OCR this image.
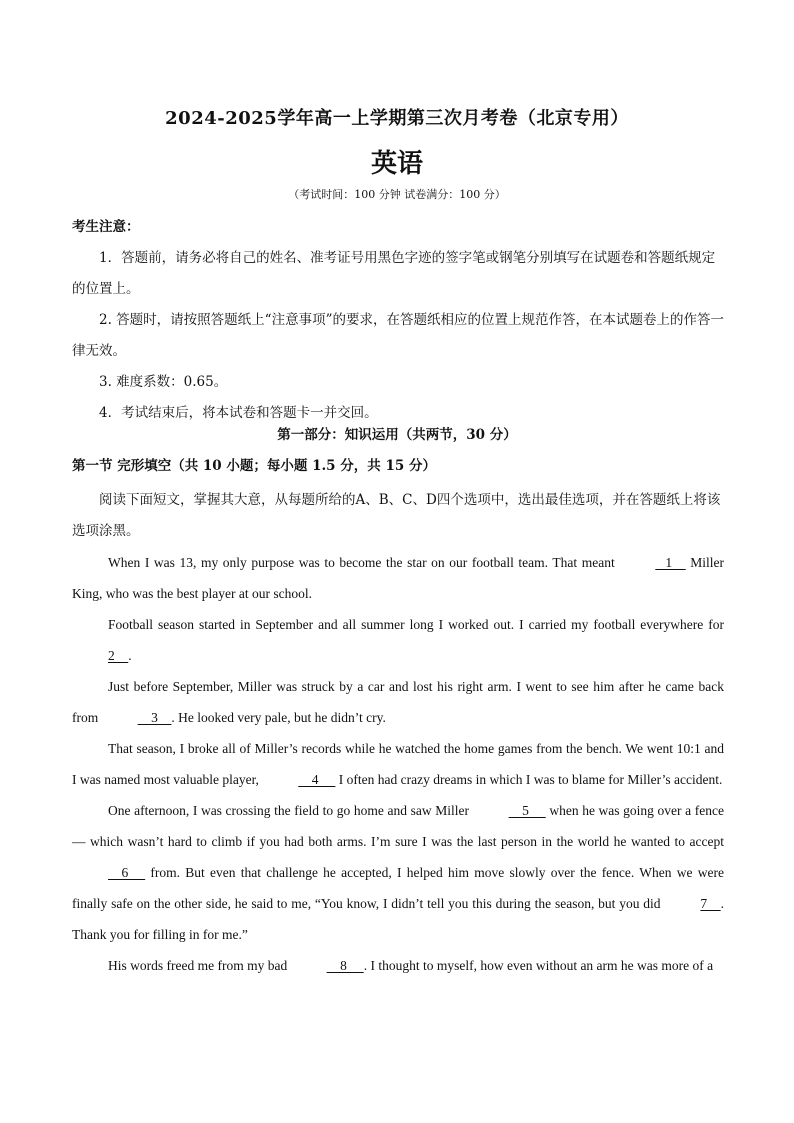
2024-2025学年高一上学期第三次月考卷（北京专用）
英语
（考试时间：100 分钟 试卷满分：100 分）
考生注意：

1．答题前，请务必将自己的姓名、准考证号用黑色字迹的签字笔或钢笔分别填写在试题卷和答题纸规定的位置上。

2. 答题时，请按照答题纸上“注意事项”的要求，在答题纸相应的位置上规范作答，在本试题卷上的作答一律无效。

3. 难度系数：0.65。

4．考试结束后，将本试卷和答题卡一并交回。

第一部分：知识运用（共两节，30 分）
第一节 完形填空（共 10 小题；每小题 1.5 分，共 15 分）

阅读下面短文，掌握其大意，从每题所给的A、B、C、D四个选项中，选出最佳选项，并在答题纸上将该选项涂黑。

When I was 13, my only purpose was to become the star on our football team. That meant	1     Miller King, who was the best player at our school.

Football season started in September and all summer long I worked out. I carried my football everywhere for 2    .

Just before September, Miller was struck by a car and lost his right arm. I went to see him after he came back from	3    . He looked very pale, but he didn’t cry.

That season, I broke all of Miller’s records while he watched the home games from the bench. We went 10:1 and I was named most valuable player,	4      I often had crazy dreams in which I was to blame for Miller’s accident.

One afternoon, I was crossing the field to go home and saw Miller	5      when he was going over a fence — which wasn’t hard to climb if you had both arms. I’m sure I was the last person in the world he wanted to accept     6      from. But even that challenge he accepted, I helped him move slowly over the fence. When we were finally safe on the other side, he said to me, “You know, I didn’t tell you this during the season, but you did	7    . Thank you for filling in for me.”

His words freed me from my bad	8     . I thought to myself, how even without an arm he was more of a
